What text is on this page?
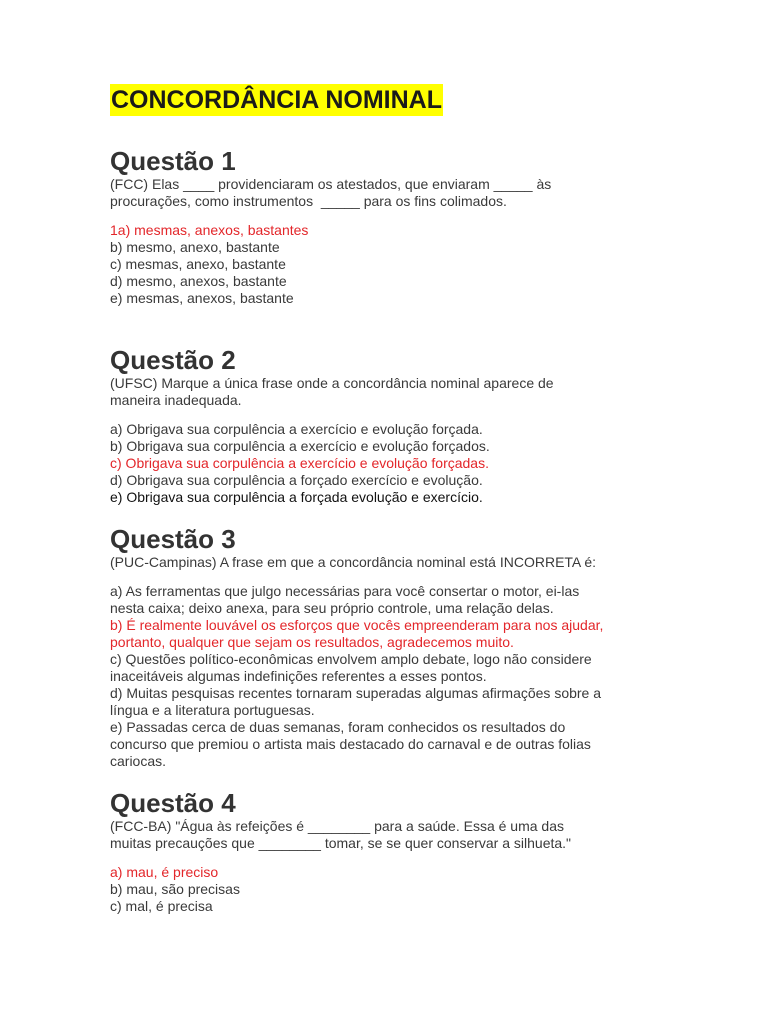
CONCORDÂNCIA NOMINAL
Questão 1

(FCC) Elas ____ providenciaram os atestados, que enviaram _____ às

procurações, como instrumentos  _____ para os fins colimados.

1a) mesmas, anexos, bastantes

b) mesmo, anexo, bastante

c) mesmas, anexo, bastante

d) mesmo, anexos, bastante

e) mesmas, anexos, bastante

Questão 2

(UFSC) Marque a única frase onde a concordância nominal aparece de

maneira inadequada.

a) Obrigava sua corpulência a exercício e evolução forçada.

b) Obrigava sua corpulência a exercício e evolução forçados.

c) Obrigava sua corpulência a exercício e evolução forçadas.

d) Obrigava sua corpulência a forçado exercício e evolução.

e) Obrigava sua corpulência a forçada evolução e exercício.

Questão 3

(PUC-Campinas) A frase em que a concordância nominal está INCORRETA é:

a) As ferramentas que julgo necessárias para você consertar o motor, ei-las
nesta caixa; deixo anexa, para seu próprio controle, uma relação delas.

b) É realmente louvável os esforços que vocês empreenderam para nos ajudar,
portanto, qualquer que sejam os resultados, agradecemos muito.

c) Questões político-econômicas envolvem amplo debate, logo não considere
inaceitáveis algumas indefinições referentes a esses pontos.

d) Muitas pesquisas recentes tornaram superadas algumas afirmações sobre a
língua e a literatura portuguesas.

e) Passadas cerca de duas semanas, foram conhecidos os resultados do
concurso que premiou o artista mais destacado do carnaval e de outras folias
cariocas.

Questão 4

(FCC-BA) "Água às refeições é ________ para a saúde. Essa é uma das

muitas precauções que ________ tomar, se se quer conservar a silhueta."

a) mau, é preciso

b) mau, são precisas

c) mal, é precisa
